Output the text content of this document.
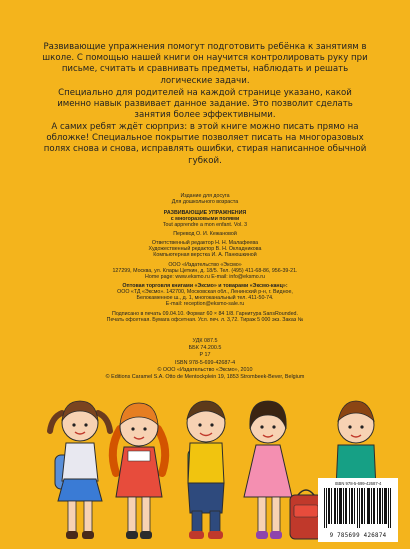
Развивающие упражнения помогут подготовить ребёнка к занятиям в школе. С помощью нашей книги он научится контролировать руку при письме, считать и сравнивать предметы, наблюдать и решать логические задачи.

Специально для родителей на каждой странице указано, какой именно навык развивает данное задание. Это позволит сделать занятия более эффективными.

А самих ребят ждёт сюрприз: в этой книге можно писать прямо на обложке! Специальное покрытие позволяет писать на многоразовых полях снова и снова, исправлять ошибки, стирая написанное обычной губкой.

Издание для досуга
Для дошкольного возраста
РАЗВИВАЮЩИЕ УПРАЖНЕНИЯ
с многоразовыми полями
Tout apprendre a mon enfant. Vol. 3
Перевод О. И. Кежановой
Ответственный редактор Н. Н. Малафеева
Художественный редактор В. Н. Окладникова
Компьютерная верстка И. А. Панюшкиной
ООО «Издательство «Эксмо»
127299, Москва, ул. Клары Цеткин, д. 18/5. Тел. (495) 411-68-86, 956-39-21.
Home page: www.eksmo.ru E-mail: info@eksmo.ru
Оптовая торговля книгами «Эксмо» и товарами «Эксмо-канц»:
ООО «ТД «Эксмо». 142700, Московская обл., Ленинский р-н, г. Видное,
Белокаменное ш., д. 1, многоканальный тел. 411-50-74.
E-mail: reception@eksmo-sale.ru
Подписано в печать 09.04.10. Формат 60 × 84 1/8. Гарнитура SansRounded.
Печать офсетная. Бумага офсетная. Усл. печ. л. 3,72. Тираж 5 000 экз. Заказ №
УДК 087.5
ББК 74.200.5
Р 17
ISBN 978-5-699-42687-4
© ООО «Издательство «Эксмо», 2010
© Editions Caramel S.A. Otto de Mentockplein 19, 1853 Strombeek-Bever, Belgium
ISBN 978-5-699-42687-4
9 785699 426874
